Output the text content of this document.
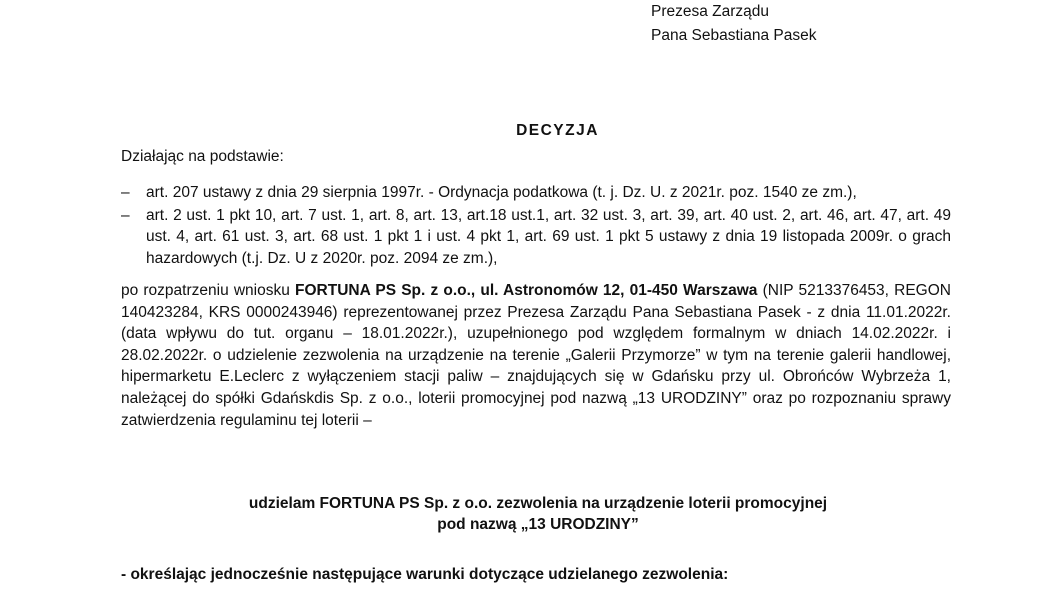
Prezesa Zarządu
Pana Sebastiana Pasek
DECYZJA
Działając na podstawie:
– art. 207 ustawy z dnia 29 sierpnia 1997r. - Ordynacja podatkowa (t. j. Dz. U. z 2021r. poz. 1540 ze zm.),
– art. 2 ust. 1 pkt 10, art. 7 ust. 1, art. 8, art. 13, art.18 ust.1, art. 32 ust. 3, art. 39, art. 40 ust. 2, art. 46, art. 47, art. 49 ust. 4, art. 61 ust. 3, art. 68 ust. 1 pkt 1 i ust. 4 pkt 1, art. 69 ust. 1 pkt 5 ustawy z dnia 19 listopada 2009r. o grach hazardowych (t.j. Dz. U z 2020r. poz. 2094 ze zm.),
po rozpatrzeniu wniosku FORTUNA PS Sp. z o.o., ul. Astronomów 12, 01-450 Warszawa (NIP 5213376453, REGON 140423284, KRS 0000243946) reprezentowanej przez Prezesa Zarządu Pana Sebastiana Pasek - z dnia 11.01.2022r. (data wpływu do tut. organu – 18.01.2022r.), uzupełnionego pod względem formalnym w dniach 14.02.2022r. i 28.02.2022r. o udzielenie zezwolenia na urządzenie na terenie „Galerii Przymorze” w tym na terenie galerii handlowej, hipermarketu E.Leclerc z wyłączeniem stacji paliw – znajdujących się w Gdańsku przy ul. Obrońców Wybrzeża 1, należącej do spółki Gdańskdis Sp. z o.o., loterii promocyjnej pod nazwą „13 URODZINY” oraz po rozpoznaniu sprawy zatwierdzenia regulaminu tej loterii –
udzielam FORTUNA PS Sp. z o.o. zezwolenia na urządzenie loterii promocyjnej
pod nazwą „13 URODZINY”
- określając jednocześnie następujące warunki dotyczące udzielanego zezwolenia:
